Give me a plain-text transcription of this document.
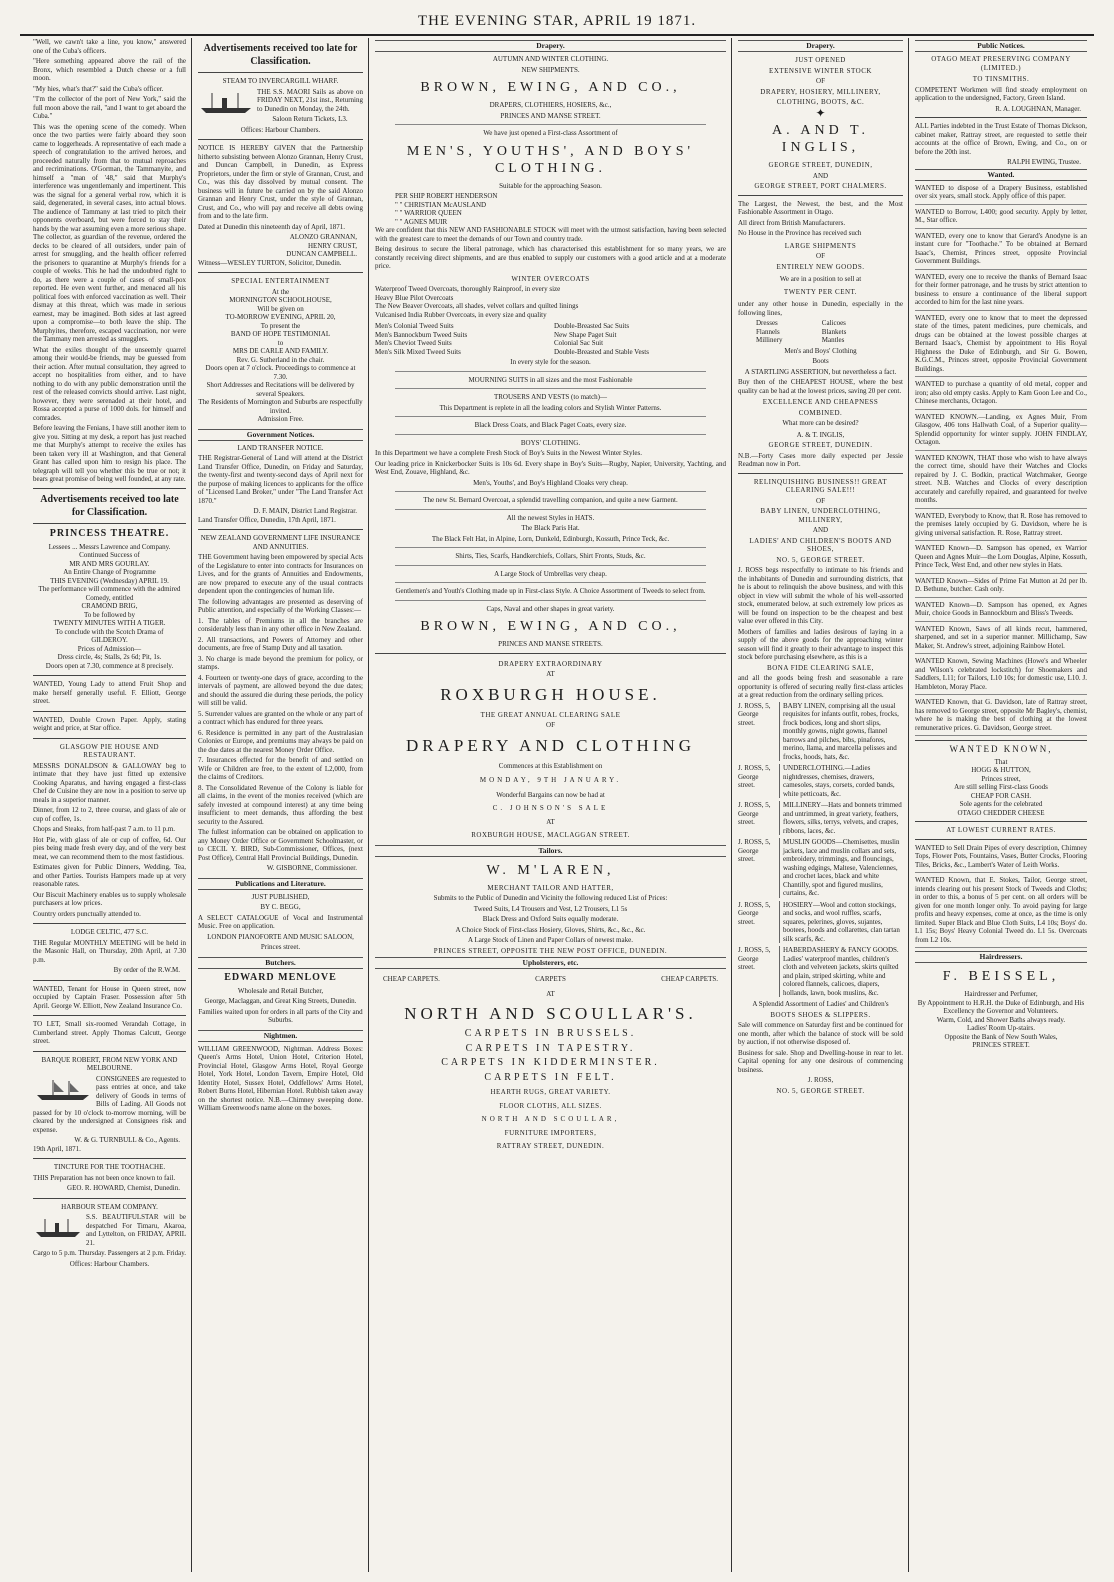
THE EVENING STAR, APRIL 19 1871.

"Well, we cawn't take a line, you know," answered one of the Cuba's officers.

"Here something appeared above the rail of the Bronx, which resembled a Dutch cheese or a full moon.

"My hies, what's that?" said the Cuba's officer.

"I'm the collector of the port of New York," said the full moon above the rail, "and I want to get aboard the Cuba."

This was the opening scene of the comedy. When once the two parties were fairly aboard they soon came to loggerheads. A representative of each made a speech of congratulation to the arrived heroes, and proceeded naturally from that to mutual reproaches and recriminations. O'Gorman, the Tammanyite, and himself a "man of '48," said that Murphy's interference was ungentlemanly and impertinent. This was the signal for a general verbal row, which it is said, degenerated, in several cases, into actual blows. The audience of Tammany at last tried to pitch their opponents overboard, but were forced to stay their hands by the war assuming even a more serious shape. The collector, as guardian of the revenue, ordered the decks to be cleared of all outsiders, under pain of arrest for smuggling, and the health officer referred the prisoners to quarantine at Murphy's friends for a couple of weeks. This he had the undoubted right to do, as there were a couple of cases of small-pox reported. He even went further, and menaced all his political foes with enforced vaccination as well. Their dismay at this threat, which was made in serious earnest, may be imagined. Both sides at last agreed upon a compromise—to both leave the ship. The Murphyites, therefore, escaped vaccination, nor were the Tammany men arrested as smugglers.

What the exiles thought of the unseemly quarrel among their would-be friends, may be guessed from their action. After mutual consultation, they agreed to accept no hospitalities from either, and to have nothing to do with any public demonstration until the rest of the released convicts should arrive. Last night, however, they were serenaded at their hotel, and Rossa accepted a purse of 1000 dols. for himself and comrades.

Before leaving the Fenians, I have still another item to give you. Sitting at my desk, a report has just reached me that Murphy's attempt to receive the exiles has been taken very ill at Washington, and that General Grant has called upon him to resign his place. The telegraph will tell you whether this be true or not; it bears great promise of being well founded, at any rate.

Advertisements received too late for Classification.
PRINCESS THEATRE.
Lessees ... Messrs Lawrence and Company.
Continued Success of
MR AND MRS GOURLAY.
An Entire Change of Programme
THIS EVENING (Wednesday) APRIL 19.
The performance will commence with the admired Comedy, entitled
CRAMOND BRIG,
To be followed by
TWENTY MINUTES WITH A TIGER.
To conclude with the Scotch Drama of
GILDEROY.
Prices of Admission—
Dress circle, 4s; Stalls, 2s 6d; Pit, 1s.
Doors open at 7.30, commence at 8 precisely.

WANTED, Young Lady to attend Fruit Shop and make herself generally useful. F. Elliott, George street.

WANTED, Double Crown Paper. Apply, stating weight and price, at Star office.

GLASGOW PIE HOUSE AND RESTAURANT.

MESSRS DONALDSON & GALLOWAY beg to intimate that they have just fitted up extensive Cooking Aparatus, and having engaged a first-class Chef de Cuisine they are now in a position to serve up meals in a superior manner.

Dinner, from 12 to 2, three course, and glass of ale or cup of coffee, 1s.

Chops and Steaks, from half-past 7 a.m. to 11 p.m.

Hot Pie, with glass of ale or cup of coffee, 6d. Our pies being made fresh every day, and of the very best meat, we can recommend them to the most fastidious.

Estimates given for Public Dinners, Wedding, Tea, and other Parties. Tourists Hampers made up at very reasonable rates.

Our Biscuit Machinery enables us to supply wholesale purchasers at low prices.

Country orders punctually attended to.

LODGE CELTIC, 477 S.C.

THE Regular MONTHLY MEETING will be held in the Masonic Hall, on Thursday, 20th April, at 7.30 p.m.

By order of the R.W.M.

WANTED, Tenant for House in Queen street, now occupied by Captain Fraser. Possession after 5th April. George W. Elliott, New Zealand Insurance Co.

TO LET, Small six-roomed Verandah Cottage, in Cumberland street. Apply Thomas Calcutt, George street.

BARQUE ROBERT, FROM NEW YORK AND MELBOURNE.

CONSIGNEES are requested to pass entries at once, and take delivery of Goods in terms of Bills of Lading. All Goods not passed for by 10 o'clock to-morrow morning, will be cleared by the undersigned at Consignees risk and expense.

W. & G. TURNBULL & Co., Agents.
19th April, 1871.
TINCTURE FOR THE TOOTHACHE.

THIS Preparation has not been once known to fail.

GEO. R. HOWARD, Chemist, Dunedin.
HARBOUR STEAM COMPANY.

S.S. BEAUTIFULSTAR will be despatched For Timaru, Akaroa, and Lyttelton, on FRIDAY, APRIL 21.

Cargo to 5 p.m. Thursday. Passengers at 2 p.m. Friday.

Offices: Harbour Chambers.
Advertisements received too late for Classification.
STEAM TO INVERCARGILL WHARF.

THE S.S. MAORI Sails as above on FRIDAY NEXT, 21st inst., Returning to Dunedin on Monday, the 24th.

Saloon Return Tickets, L3.
Offices: Harbour Chambers.

NOTICE IS HEREBY GIVEN that the Partnership hitherto subsisting between Alonzo Grannan, Henry Crust, and Duncan Campbell, in Dunedin, as Express Proprietors, under the firm or style of Grannan, Crust, and Co., was this day dissolved by mutual consent. The business will in future be carried on by the said Alonzo Grannan and Henry Crust, under the style of Grannan, Crust, and Co., who will pay and receive all debts owing from and to the late firm.

Dated at Dunedin this nineteenth day of April, 1871.

ALONZO GRANNAN,
HENRY CRUST,
DUNCAN CAMPBELL.

Witness—WESLEY TURTON, Solicitor, Dunedin.

SPECIAL ENTERTAINMENT
At the
MORNINGTON SCHOOLHOUSE,
Will be given on
TO-MORROW EVENING, APRIL 20,
To present the
BAND OF HOPE TESTIMONIAL
to
MRS DE CARLE AND FAMILY.
Rev. G. Sutherland in the chair.
Doors open at 7 o'clock. Proceedings to commence at 7.30.
Short Addresses and Recitations will be delivered by several Speakers.
The Residents of Mornington and Suburbs are respectfully invited.
Admission Free.
Government Notices.
LAND TRANSFER NOTICE.

THE Registrar-General of Land will attend at the District Land Transfer Office, Dunedin, on Friday and Saturday, the twenty-first and twenty-second days of April next for the purpose of making licences to applicants for the office of "Licensed Land Broker," under "The Land Transfer Act 1870."

D. F. MAIN, District Land Registrar.
Land Transfer Office, Dunedin, 17th April, 1871.
NEW ZEALAND GOVERNMENT LIFE INSURANCE AND ANNUITIES.

THE Government having been empowered by special Acts of the Legislature to enter into contracts for Insurances on Lives, and for the grants of Annuities and Endowments, are now prepared to execute any of the usual contracts dependent upon the contingencies of human life.

The following advantages are presented as deserving of Public attention, and especially of the Working Classes:—

1. The tables of Premiums in all the branches are considerably less than in any other office in New Zealand.

2. All transactions, and Powers of Attorney and other documents, are free of Stamp Duty and all taxation.

3. No charge is made beyond the premium for policy, or stamps.

4. Fourteen or twenty-one days of grace, according to the intervals of payment, are allowed beyond the due dates; and should the assured die during these periods, the policy will still be valid.

5. Surrender values are granted on the whole or any part of a contract which has endured for three years.

6. Residence is permitted in any part of the Australasian Colonies or Europe, and premiums may always be paid on the due dates at the nearest Money Order Office.

7. Insurances effected for the benefit of and settled on Wife or Children are free, to the extent of L2,000, from the claims of Creditors.

8. The Consolidated Revenue of the Colony is liable for all claims, in the event of the monies received (which are safely invested at compound interest) at any time being insufficient to meet demands, thus affording the best security to the Assured.

The fullest information can be obtained on application to any Money Order Office or Government Schoolmaster, or to CECIL Y. BIRD, Sub-Commissioner, Offices, (next Post Office), Central Hall Provincial Buildings, Dunedin.

W. GISBORNE, Commissioner.
Publications and Literature.
JUST PUBLISHED,
BY C. BEGG,

A SELECT CATALOGUE of Vocal and Instrumental Music. Free on application.

LONDON PIANOFORTE AND MUSIC SALOON,
Princes street.
Butchers.
EDWARD MENLOVE
Wholesale and Retail Butcher,
George, Maclaggan, and Great King Streets, Dunedin.
Families waited upon for orders in all parts of the City and Suburbs.
Nightmen.

WILLIAM GREENWOOD, Nightman. Address Boxes: Queen's Arms Hotel, Union Hotel, Criterion Hotel, Provincial Hotel, Glasgow Arms Hotel, Royal George Hotel, York Hotel, London Tavern, Empire Hotel, Old Identity Hotel, Sussex Hotel, Oddfellows' Arms Hotel, Robert Burns Hotel, Hibernian Hotel. Rubbish taken away on the shortest notice. N.B.—Chimney sweeping done. William Greenwood's name alone on the boxes.

Drapery.
AUTUMN AND WINTER CLOTHING.
NEW SHIPMENTS.
BROWN, EWING, AND CO.,
DRAPERS, CLOTHIERS, HOSIERS, &c.,
PRINCES AND MANSE STREET.
We have just opened a First-class Assortment of
MEN'S, YOUTHS', AND BOYS' CLOTHING.
Suitable for the approaching Season.
PER SHIP ROBERT HENDERSON
" " CHRISTIAN McAUSLAND
" " WARRIOR QUEEN
" " AGNES MUIR

We are confident that this NEW AND FASHIONABLE STOCK will meet with the utmost satisfaction, having been selected with the greatest care to meet the demands of our Town and country trade.

Being desirous to secure the liberal patronage, which has characterised this establishment for so many years, we are constantly receiving direct shipments, and are thus enabled to supply our customers with a good article and at a moderate price.

WINTER OVERCOATS
Waterproof Tweed Overcoats, thoroughly Rainproof, in every size
Heavy Blue Pilot Overcoats
The New Beaver Overcoats, all shades, velvet collars and quilted linings
Vulcanised India Rubber Overcoats, in every size and quality
Men's Colonial Tweed Suits
Men's Bannockburn Tweed Suits
Men's Cheviot Tweed Suits
Men's Silk Mixed Tweed Suits
Double-Breasted Sac Suits
New Shape Paget Suit
Colonial Sac Suit
Double-Breasted and Stable Vests
In every style for the season.
MOURNING SUITS in all sizes and the most Fashionable
TROUSERS AND VESTS (to match)—
This Department is replete in all the leading colors and Stylish Winter Patterns.
Black Dress Coats, and Black Paget Coats, every size.
BOYS' CLOTHING.

In this Department we have a complete Fresh Stock of Boy's Suits in the Newest Winter Styles.

Our leading price in Knickerbocker Suits is 10s 6d. Every shape in Boy's Suits—Rugby, Napier, University, Yachting, and West End, Zouave, Highland, &c.

Men's, Youths', and Boy's Highland Cloaks very cheap.
The new St. Bernard Overcoat, a splendid travelling companion, and quite a new Garment.
All the newest Styles in HATS.
The Black Paris Hat.
The Black Felt Hat, in Alpine, Lorn, Dunkeld, Edinburgh, Kossuth, Prince Teck, &c.
Shirts, Ties, Scarfs, Handkerchiefs, Collars, Shirt Fronts, Studs, &c.
A Large Stock of Umbrellas very cheap.
Gentlemen's and Youth's Clothing made up in First-class Style. A Choice Assortment of Tweeds to select from.
Caps, Naval and other shapes in great variety.
BROWN, EWING, AND CO.,
PRINCES AND MANSE STREETS.
DRAPERY EXTRAORDINARY
AT
ROXBURGH HOUSE.
THE GREAT ANNUAL CLEARING SALE
OF
DRAPERY AND CLOTHING
Commences at this Establishment on
MONDAY, 9TH JANUARY.
Wonderful Bargains can now be had at
C. JOHNSON'S SALE
AT
ROXBURGH HOUSE, MACLAGGAN STREET.
Tailors.
W. M'LAREN,
MERCHANT TAILOR AND HATTER,
Submits to the Public of Dunedin and Vicinity the following reduced List of Prices:
Tweed Suits, L4 Trousers and Vest, L2 Trousers, L1 5s
Black Dress and Oxford Suits equally moderate.
A Choice Stock of First-class Hosiery, Gloves, Shirts, &c., &c., &c.
A Large Stock of Linen and Paper Collars of newest make.
PRINCES STREET, OPPOSITE THE NEW POST OFFICE, DUNEDIN.
Upholsterers, etc.
CHEAP CARPETS.	CARPETS	CHEAP CARPETS.
AT
NORTH AND SCOULLAR'S.
CARPETS IN BRUSSELS.
CARPETS IN TAPESTRY.
CARPETS IN KIDDERMINSTER.
CARPETS IN FELT.
HEARTH RUGS, GREAT VARIETY.
FLOOR CLOTHS, ALL SIZES.
NORTH AND SCOULLAR,
FURNITURE IMPORTERS,
RATTRAY STREET, DUNEDIN.
Drapery.
JUST OPENED
EXTENSIVE WINTER STOCK
OF
DRAPERY, HOSIERY, MILLINERY,
CLOTHING, BOOTS, &C.
✦
A. AND T. INGLIS,
GEORGE STREET, DUNEDIN,
AND
GEORGE STREET, PORT CHALMERS.

The Largest, the Newest, the best, and the Most Fashionable Assortment in Otago.

All direct from British Manufacturers.

No House in the Province has received such

LARGE SHIPMENTS
OF
ENTIRELY NEW GOODS.
We are in a position to sell at
TWENTY PER CENT.

under any other house in Dunedin, especially in the following lines,

Dresses	Calicoes
Flannels	Blankets
Millinery	Mantles
Men's and Boys' Clothing
Boots
A STARTLING ASSERTION, but nevertheless a fact.

Buy then of the CHEAPEST HOUSE, where the best quality can be had at the lowest prices, saving 20 per cent.

EXCELLENCE AND CHEAPNESS
COMBINED.
What more can be desired?
A. & T. INGLIS,
GEORGE STREET, DUNEDIN.

N.B.—Forty Cases more daily expected per Jessie Readman now in Port.

RELINQUISHING BUSINESS!! GREAT CLEARING SALE!!!
OF
BABY LINEN, UNDERCLOTHING, MILLINERY,
AND
LADIES' AND CHILDREN'S BOOTS AND SHOES,
NO. 5, GEORGE STREET.

J. ROSS begs respectfully to intimate to his friends and the inhabitants of Dunedin and surrounding districts, that he is about to relinquish the above business, and with this object in view will submit the whole of his well-assorted stock, enumerated below, at such extremely low prices as will be found on inspection to be the cheapest and best value ever offered in this City.

Mothers of families and ladies desirous of laying in a supply of the above goods for the approaching winter season will find it greatly to their advantage to inspect this stock before purchasing elsewhere, as this is a

BONA FIDE CLEARING SALE,

and all the goods being fresh and seasonable a rare opportunity is offered of securing really first-class articles at a great reduction from the ordinary selling prices.

J. ROSS, 5, George street.
BABY LINEN, comprising all the usual requisites for infants outfit, robes, frocks, frock bodices, long and short slips, monthly gowns, night gowns, flannel barrows and pilches, bibs, pinafores, merino, llama, and marcella pelisses and frocks, hoods, hats, &c.
J. ROSS, 5, George street.
UNDERCLOTHING.—Ladies nightdresses, chemises, drawers, camesoles, stays, corsets, corded bands, white petticoats, &c.
J. ROSS, 5, George street.
MILLINERY—Hats and bonnets trimmed and untrimmed, in great variety, feathers, flowers, silks, terrys, velvets, and crapes, ribbons, laces, &c.
J. ROSS, 5, George street.
MUSLIN GOODS—Chemisettes, muslin jackets, lace and muslin collars and sets, embroidery, trimmings, and flouncings, washing edgings, Maltese, Valenciennes, and crochet laces, black and white Chantilly, spot and figured muslins, curtains, &c.
J. ROSS, 5, George street.
HOSIERY—Wool and cotton stockings, and socks, and wool ruffles, scarfs, squares, pelerines, gloves, sujantes, bootees, hoods and collarettes, clan tartan silk scarfs, &c.
J. ROSS, 5, George street.
HABERDASHERY & FANCY GOODS. Ladies' waterproof mantles, children's cloth and velveteen jackets, skirts quilted and plain, striped skirting, white and colored flannels, calicoes, diapers, hollands, lawn, book muslins, &c.
A Splendid Assortment of Ladies' and Children's
BOOTS SHOES & SLIPPERS.

Sale will commence on Saturday first and be continued for one month, after which the balance of stock will be sold by auction, if not otherwise disposed of.

Business for sale. Shop and Dwelling-house in rear to let. Capital opening for any one desirous of commencing business.

J. ROSS,
NO. 5, GEORGE STREET.
Public Notices.
OTAGO MEAT PRESERVING COMPANY (LIMITED.)
TO TINSMITHS.

COMPETENT Workmen will find steady employment on application to the undersigned, Factory, Green Island.

R. A. LOUGHNAN, Manager.

ALL Parties indebted in the Trust Estate of Thomas Dickson, cabinet maker, Rattray street, are requested to settle their accounts at the office of Brown, Ewing, and Co., on or before the 20th inst.

RALPH EWING, Trustee.
Wanted.

WANTED to dispose of a Drapery Business, established over six years, small stock. Apply office of this paper.

WANTED to Borrow, L400; good security. Apply by letter, M., Star office.

WANTED, every one to know that Gerard's Anodyne is an instant cure for "Toothache." To be obtained at Bernard Isaac's, Chemist, Princes street, opposite Provincial Government Buildings.

WANTED, every one to receive the thanks of Bernard Isaac for their former patronage, and he trusts by strict attention to business to ensure a continuance of the liberal support accorded to him for the last nine years.

WANTED, every one to know that to meet the depressed state of the times, patent medicines, pure chemicals, and drugs can be obtained at the lowest possible charges at Bernard Isaac's, Chemist by appointment to His Royal Highness the Duke of Edinburgh, and Sir G. Bowen, K.G.C.M., Princes street, opposite Provincial Government Buildings.

WANTED to purchase a quantity of old metal, copper and iron; also old empty casks. Apply to Kam Goon Lee and Co., Chinese merchants, Octagon.

WANTED KNOWN.—Landing, ex Agnes Muir, From Glasgow, 406 tons Hallwath Coal, of a Superior quality—Splendid opportunity for winter supply. JOHN FINDLAY, Octagon.

WANTED KNOWN, THAT those who wish to have always the correct time, should have their Watches and Clocks repaired by J. C. Bodkin, practical Watchmaker, George street. N.B. Watches and Clocks of every description accurately and carefully repaired, and guaranteed for twelve months.

WANTED, Everybody to Know, that R. Rose has removed to the premises lately occupied by G. Davidson, where he is giving universal satisfaction. R. Rose, Rattray street.

WANTED Known—D. Sampson has opened, ex Warrior Queen and Agnes Muir—the Lorn Douglas, Alpine, Kossuth, Prince Teck, West End, and other new styles in Hats.

WANTED Known—Sides of Prime Fat Mutton at 2d per lb. D. Bethune, butcher. Cash only.

WANTED Known—D. Sampson has opened, ex Agnes Muir, choice Goods in Bannockburn and Bliss's Tweeds.

WANTED Known, Saws of all kinds recut, hammered, sharpened, and set in a superior manner. Millichamp, Saw Maker, St. Andrew's street, adjoining Rainbow Hotel.

WANTED Known, Sewing Machines (Howe's and Wheeler and Wilson's celebrated lockstitch) for Shoemakers and Saddlers, L11; for Tailors, L10 10s; for domestic use, L10. J. Hambleton, Moray Place.

WANTED Known, that G. Davidson, late of Rattray street, has removed to George street, opposite Mr Bagley's, chemist, where he is making the best of clothing at the lowest remunerative prices. G. Davidson, George street.

WANTED KNOWN,
That
HOGG & HUTTON,
Princes street,
Are still selling First-class Goods
CHEAP FOR CASH.
Sole agents for the celebrated
OTAGO CHEDDER CHEESE
AT LOWEST CURRENT RATES.

WANTED to Sell Drain Pipes of every description, Chimney Tops, Flower Pots, Fountains, Vases, Butter Crocks, Flooring Tiles, Bricks, &c., Lambert's Water of Leith Works.

WANTED Known, that E. Stokes, Tailor, George street, intends clearing out his present Stock of Tweeds and Cloths; in order to this, a bonus of 5 per cent. on all orders will be given for one month longer only. To avoid paying for large profits and heavy expenses, come at once, as the time is only limited. Super Black and Blue Cloth Suits, L4 10s; Boys' do. L1 15s; Boys' Heavy Colonial Tweed do. L1 5s. Overcoats from L2 10s.

Hairdressers.
F. BEISSEL,
Hairdresser and Perfumer,
By Appointment to H.R.H. the Duke of Edinburgh, and His Excellency the Governor and Volunteers.
Warm, Cold, and Shower Baths always ready.
Ladies' Room Up-stairs.
Opposite the Bank of New South Wales,
PRINCES STREET.
